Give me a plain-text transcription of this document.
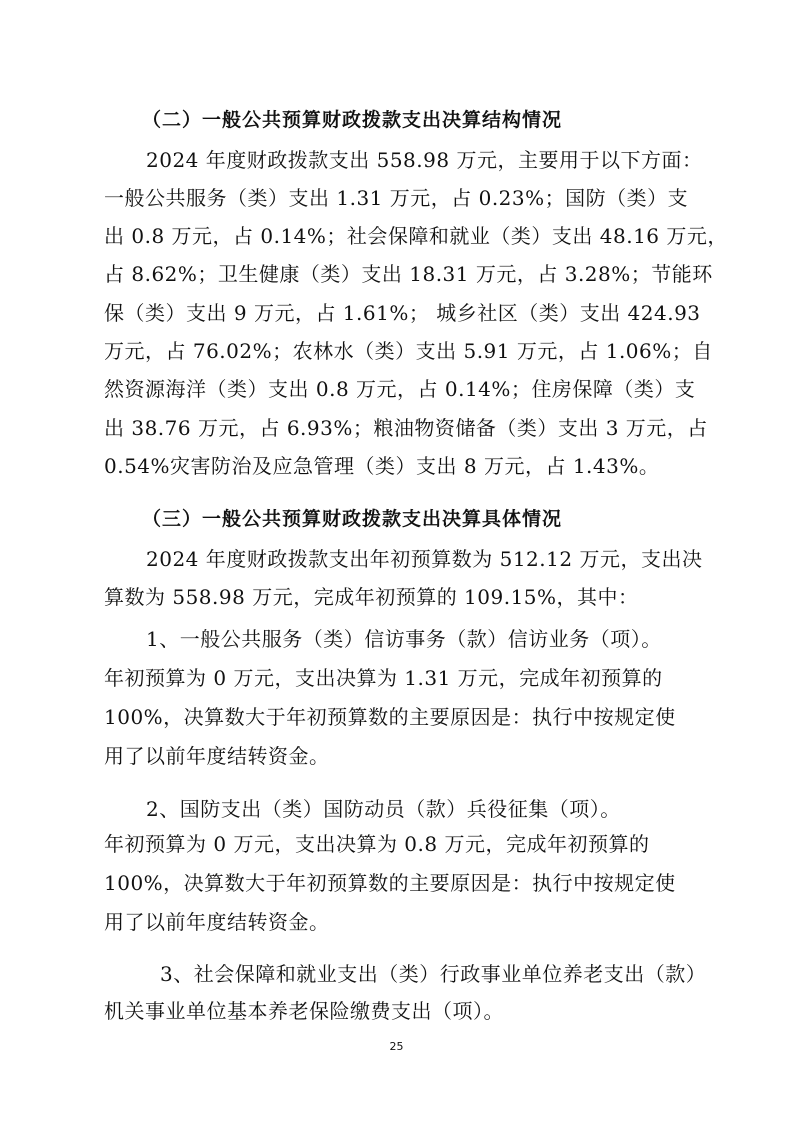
（二）一般公共预算财政拨款支出决算结构情况
2024 年度财政拨款支出 558.98 万元，主要用于以下方面：
一般公共服务（类）支出 1.31 万元，占 0.23%；国防（类）支
出 0.8 万元，占 0.14%；社会保障和就业（类）支出 48.16 万元，
占 8.62%；卫生健康（类）支出 18.31 万元，占 3.28%；节能环
保（类）支出 9 万元，占 1.61%； 城乡社区（类）支出 424.93
万元，占 76.02%；农林水（类）支出 5.91 万元，占 1.06%；自
然资源海洋（类）支出 0.8 万元，占 0.14%；住房保障（类）支
出 38.76 万元，占 6.93%；粮油物资储备（类）支出 3 万元，占
0.54%灾害防治及应急管理（类）支出 8 万元，占 1.43%。
（三）一般公共预算财政拨款支出决算具体情况
2024 年度财政拨款支出年初预算数为 512.12 万元，支出决
算数为 558.98 万元，完成年初预算的 109.15%，其中：
1、一般公共服务（类）信访事务（款）信访业务（项）。
年初预算为 0 万元，支出决算为 1.31 万元，完成年初预算的
100%，决算数大于年初预算数的主要原因是：执行中按规定使
用了以前年度结转资金。
2、国防支出（类）国防动员（款）兵役征集（项）。
年初预算为 0 万元，支出决算为 0.8 万元，完成年初预算的
100%，决算数大于年初预算数的主要原因是：执行中按规定使
用了以前年度结转资金。
3、社会保障和就业支出（类）行政事业单位养老支出（款）
机关事业单位基本养老保险缴费支出（项）。
25
